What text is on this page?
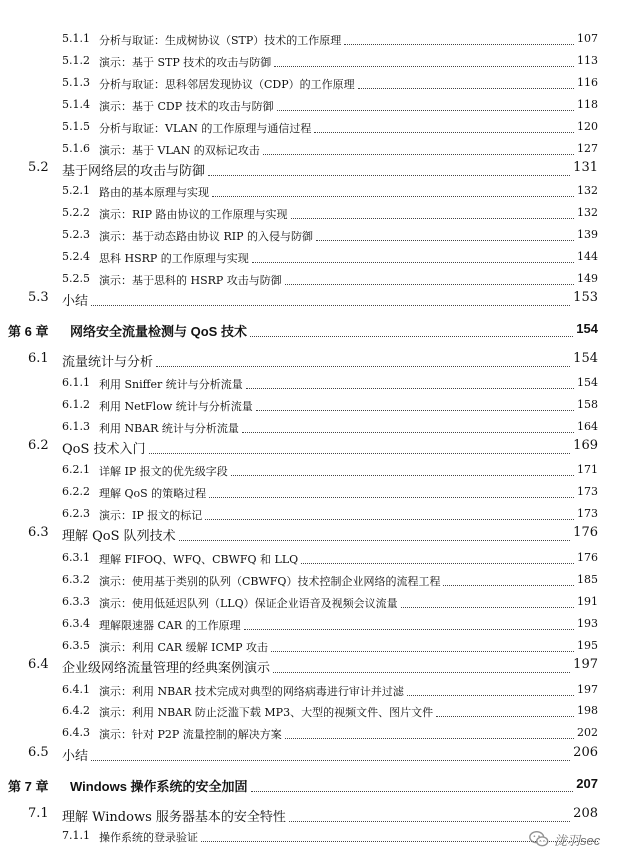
5.1.1 分析与取证：生成树协议（STP）技术的工作原理	107
5.1.2 演示：基于 STP 技术的攻击与防御	113
5.1.3 分析与取证：思科邻居发现协议（CDP）的工作原理	116
5.1.4 演示：基于 CDP 技术的攻击与防御	118
5.1.5 分析与取证：VLAN 的工作原理与通信过程	120
5.1.6 演示：基于 VLAN 的双标记攻击	127
5.2 基于网络层的攻击与防御	131
5.2.1 路由的基本原理与实现	132
5.2.2 演示：RIP 路由协议的工作原理与实现	132
5.2.3 演示：基于动态路由协议 RIP 的入侵与防御	139
5.2.4 思科 HSRP 的工作原理与实现	144
5.2.5 演示：基于思科的 HSRP 攻击与防御	149
5.3 小结	153
第 6 章 网络安全流量检测与 QoS 技术	154
6.1 流量统计与分析	154
6.1.1 利用 Sniffer 统计与分析流量	154
6.1.2 利用 NetFlow 统计与分析流量	158
6.1.3 利用 NBAR 统计与分析流量	164
6.2 QoS 技术入门	169
6.2.1 详解 IP 报文的优先级字段	171
6.2.2 理解 QoS 的策略过程	173
6.2.3 演示：IP 报文的标记	173
6.3 理解 QoS 队列技术	176
6.3.1 理解 FIFOQ、WFQ、CBWFQ 和 LLQ	176
6.3.2 演示：使用基于类别的队列（CBWFQ）技术控制企业网络的流程工程	185
6.3.3 演示：使用低延迟队列（LLQ）保证企业语音及视频会议流量	191
6.3.4 理解限速器 CAR 的工作原理	193
6.3.5 演示：利用 CAR 缓解 ICMP 攻击	195
6.4 企业级网络流量管理的经典案例演示	197
6.4.1 演示：利用 NBAR 技术完成对典型的网络病毒进行审计并过滤	197
6.4.2 演示：利用 NBAR 防止泛滥下载 MP3、大型的视频文件、图片文件	198
6.4.3 演示：针对 P2P 流量控制的解决方案	202
6.5 小结	206
第 7 章 Windows 操作系统的安全加固	207
7.1 理解 Windows 服务器基本的安全特性	208
7.1.1 操作系统的登录验证	泷羽sec
